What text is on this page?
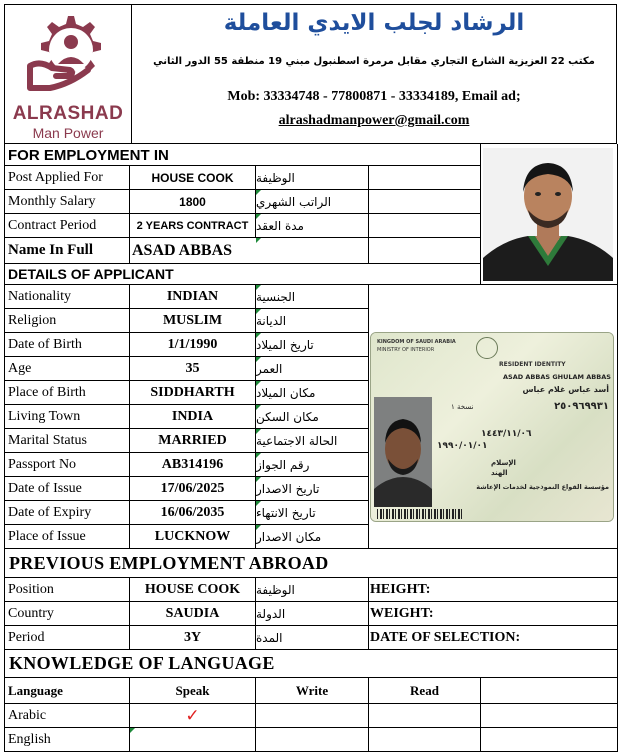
ALRASHAD
Man Power
الرشاد لجلب الايدي العاملة
مكتب 22 العزيزية الشارع التجاري مقابل مرمرة اسطنبول مبني 19 منطقة 55 الدور الثاني
Mob: 33334748 - 77800871 - 33334189, Email ad;
alrashadmanpower@gmail.com
FOR EMPLOYMENT IN
Post Applied For	HOUSE COOK	الوظيفة
Monthly Salary	1800	الراتب الشهري
Contract Period	2 YEARS CONTRACT مدة العقد
Name In Full	ASAD ABBAS
DETAILS OF APPLICANT
Nationality	INDIAN	الجنسية
Religion	MUSLIM	الديانة
Date of Birth	1/1/1990	تاريخ الميلاد
Age	35	العمر
Place of Birth	SIDDHARTH	مكان الميلاد
Living Town	INDIA	مكان السكن
Marital Status	MARRIED	الحالة الاجتماعية
Passport No	AB314196	رقم الجواز
Date of Issue	17/06/2025	تاريخ الاصدار
Date of Expiry	16/06/2035	تاريخ الانتهاء
Place of Issue	LUCKNOW	مكان الاصدار
KINGDOM OF SAUDI ARABIA
MINISTRY OF INTERIOR
RESIDENT IDENTITY
ASAD ABBAS GHULAM ABBAS
أسد عباس غلام عباس
٢٥٠٩٦٩٩٣١
نسخة ١
١٤٤٣/١١/٠٦
١٩٩٠/٠١/٠١
الإسلام
الهند
مؤسسة القواع النموذجية لخدمات الإعاشة
PREVIOUS EMPLOYMENT ABROAD
Position	HOUSE COOK	الوظيفة	HEIGHT:
Country	SAUDIA	الدولة	WEIGHT:
Period	3Y	المدة	DATE OF SELECTION:
KNOWLEDGE OF LANGUAGE
Language	Speak	Write	Read
Arabic	✓
English
